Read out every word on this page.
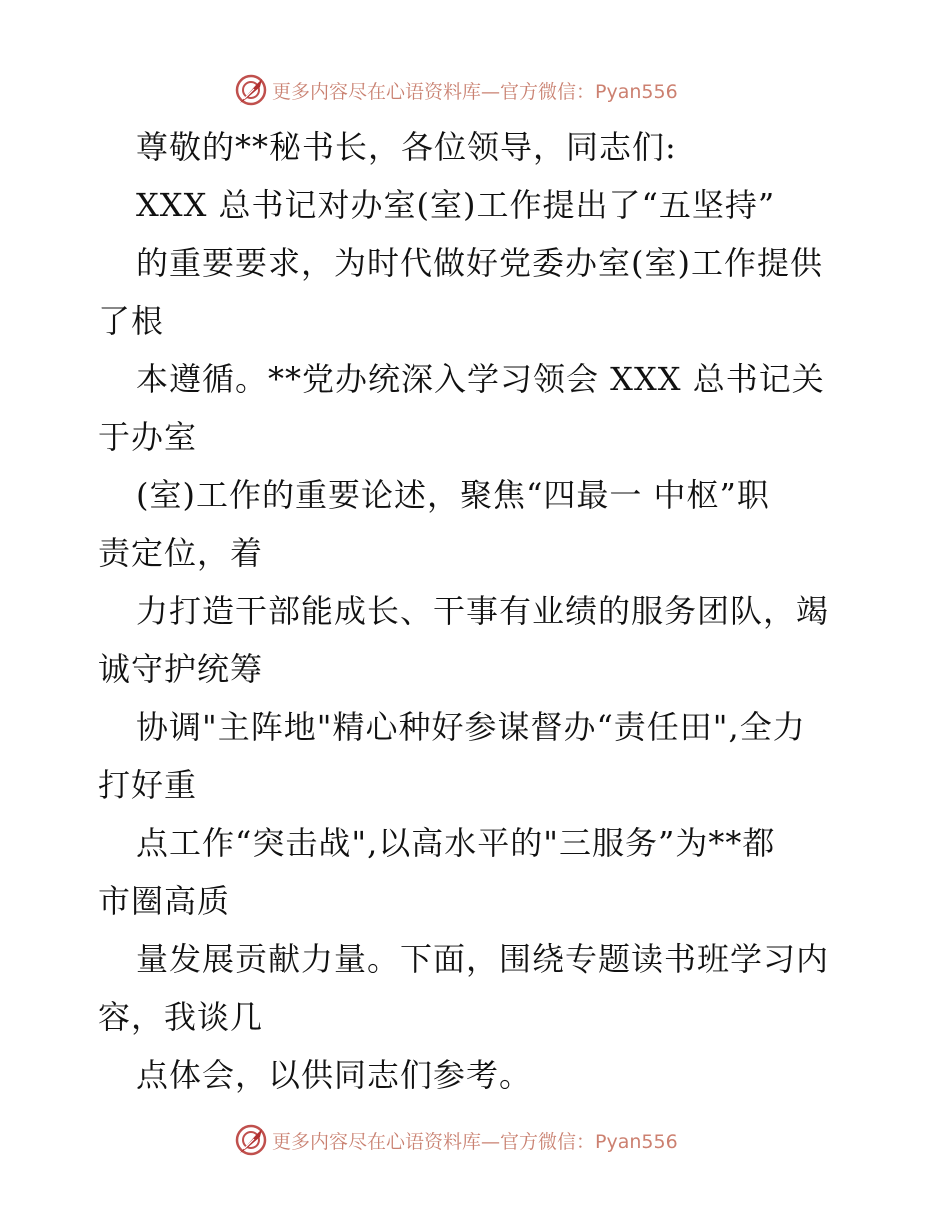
更多内容尽在心语资料库—官方微信：Pyan556
尊敬的**秘书长，各位领导，同志们:
XXX 总书记对办室(室)工作提出了“五坚持”
的重要要求，为时代做好党委办室(室)工作提供
了根
本遵循。**党办统深入学习领会 XXX 总书记关
于办室
(室)工作的重要论述，聚焦“四最一 中枢”职
责定位，着
力打造干部能成长、干事有业绩的服务团队，竭
诚守护统筹
协调"主阵地"精心种好参谋督办“责任田",全力
打好重
点工作“突击战",以高水平的"三服务”为**都
市圈高质
量发展贡献力量。下面，围绕专题读书班学习内
容，我谈几
点体会，以供同志们参考。
更多内容尽在心语资料库—官方微信：Pyan556
